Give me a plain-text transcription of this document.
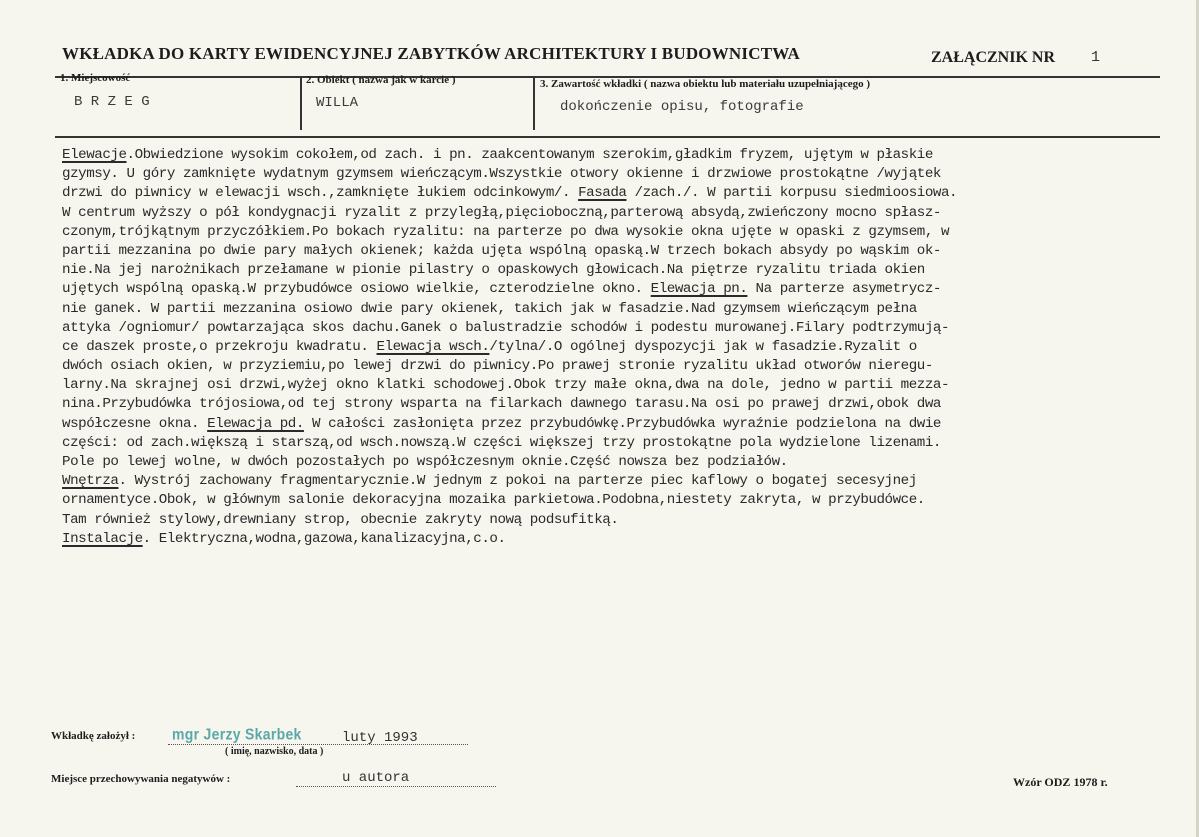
WKŁADKA DO KARTY EWIDENCYJNEJ ZABYTKÓW ARCHITEKTURY I BUDOWNICTWA	ZAŁĄCZNIK NR 1
1. Miejscowość
B R Z E G
2. Obiekt ( nazwa jak w karcie )
WILLA
3. Zawartość wkładki ( nazwa obiektu lub materiału uzupełniającego )
dokończenie opisu, fotografie
Elewacje.Obwiedzione wysokim cokołem,od zach. i pn. zaakcentowanym szerokim,gładkim fryzem, ujętym w płaskie
gzymsy. U góry zamknięte wydatnym gzymsem wieńczącym.Wszystkie otwory okienne i drzwiowe prostokątne /wyjątek
drzwi do piwnicy w elewacji wsch.,zamknięte łukiem odcinkowym/. Fasada /zach./. W partii korpusu siedmioosiowa.
W centrum wyższy o pół kondygnacji ryzalit z przyległą,pięcioboczną,parterową absydą,zwieńczony mocno spłasz-
czonym,trójkątnym przyczółkiem.Po bokach ryzalitu: na parterze po dwa wysokie okna ujęte w opaski z gzymsem, w
partii mezzanina po dwie pary małych okienek; każda ujęta wspólną opaską.W trzech bokach absydy po wąskim ok-
nie.Na jej narożnikach przełamane w pionie pilastry o opaskowych głowicach.Na piętrze ryzalitu triada okien
ujętych wspólną opaską.W przybudówce osiowo wielkie, czterodzielne okno. Elewacja pn. Na parterze asymetrycz-
nie ganek. W partii mezzanina osiowo dwie pary okienek, takich jak w fasadzie.Nad gzymsem wieńczącym pełna
attyka /ogniomur/ powtarzająca skos dachu.Ganek o balustradzie schodów i podestu murowanej.Filary podtrzymują-
ce daszek proste,o przekroju kwadratu. Elewacja wsch./tylna/.O ogólnej dyspozycji jak w fasadzie.Ryzalit o
dwóch osiach okien, w przyziemiu,po lewej drzwi do piwnicy.Po prawej stronie ryzalitu układ otworów nieregu-
larny.Na skrajnej osi drzwi,wyżej okno klatki schodowej.Obok trzy małe okna,dwa na dole, jedno w partii mezza-
nina.Przybudówka trójosiowa,od tej strony wsparta na filarkach dawnego tarasu.Na osi po prawej drzwi,obok dwa
współczesne okna. Elewacja pd. W całości zasłonięta przez przybudówkę.Przybudówka wyraźnie podzielona na dwie
części: od zach.większą i starszą,od wsch.nowszą.W części większej trzy prostokątne pola wydzielone lizenami.
Pole po lewej wolne, w dwóch pozostałych po współczesnym oknie.Część nowsza bez podziałów.
Wnętrza. Wystrój zachowany fragmentarycznie.W jednym z pokoi na parterze piec kaflowy o bogatej secesyjnej
ornamentyce.Obok, w głównym salonie dekoracyjna mozaika parkietowa.Podobna,niestety zakryta, w przybudówce.
Tam również stylowy,drewniany strop, obecnie zakryty nową podsufitką.
Instalacje. Elektryczna,wodna,gazowa,kanalizacyjna,c.o.
Wkładkę założył :	mgr Jerzy Skarbek	luty 1993
( imię, nazwisko, data )
Miejsce przechowywania negatywów :	u autora	Wzór ODZ 1978 r.
